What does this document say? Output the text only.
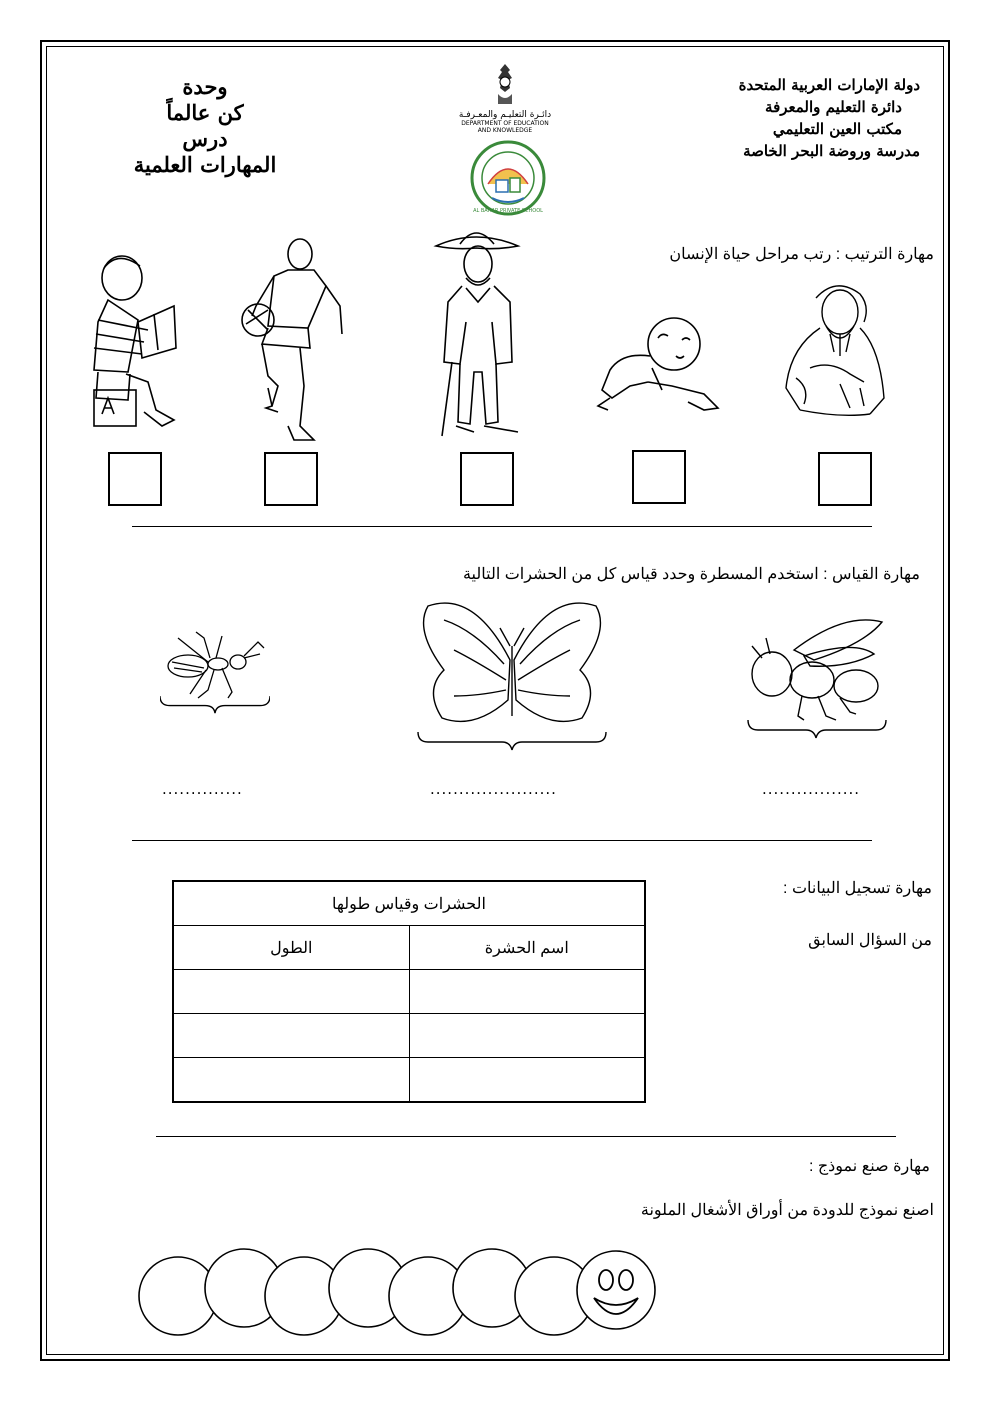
دولة الإمارات العربية المتحدة
دائرة التعليم والمعرفة
مكتب العين التعليمي
مدرسة وروضة البحر الخاصة
وحدة
كن عالماً
درس
المهارات العلمية
دائـرة التعليـم والمعـرفـة
DEPARTMENT OF EDUCATION
AND KNOWLEDGE
AL BAHAR PRIVATE SCHOOL
مهارة الترتيب : رتب مراحل حياة الإنسان
مهارة القياس : استخدم المسطرة وحدد قياس كل من الحشرات التالية
..............	......................	.................
مهارة تسجيل البيانات :
من السؤال السابق
الحشرات وقياس طولها	
اسم الحشرة	الطول

مهارة صنع نموذج :
اصنع نموذج للدودة من أوراق الأشغال الملونة
